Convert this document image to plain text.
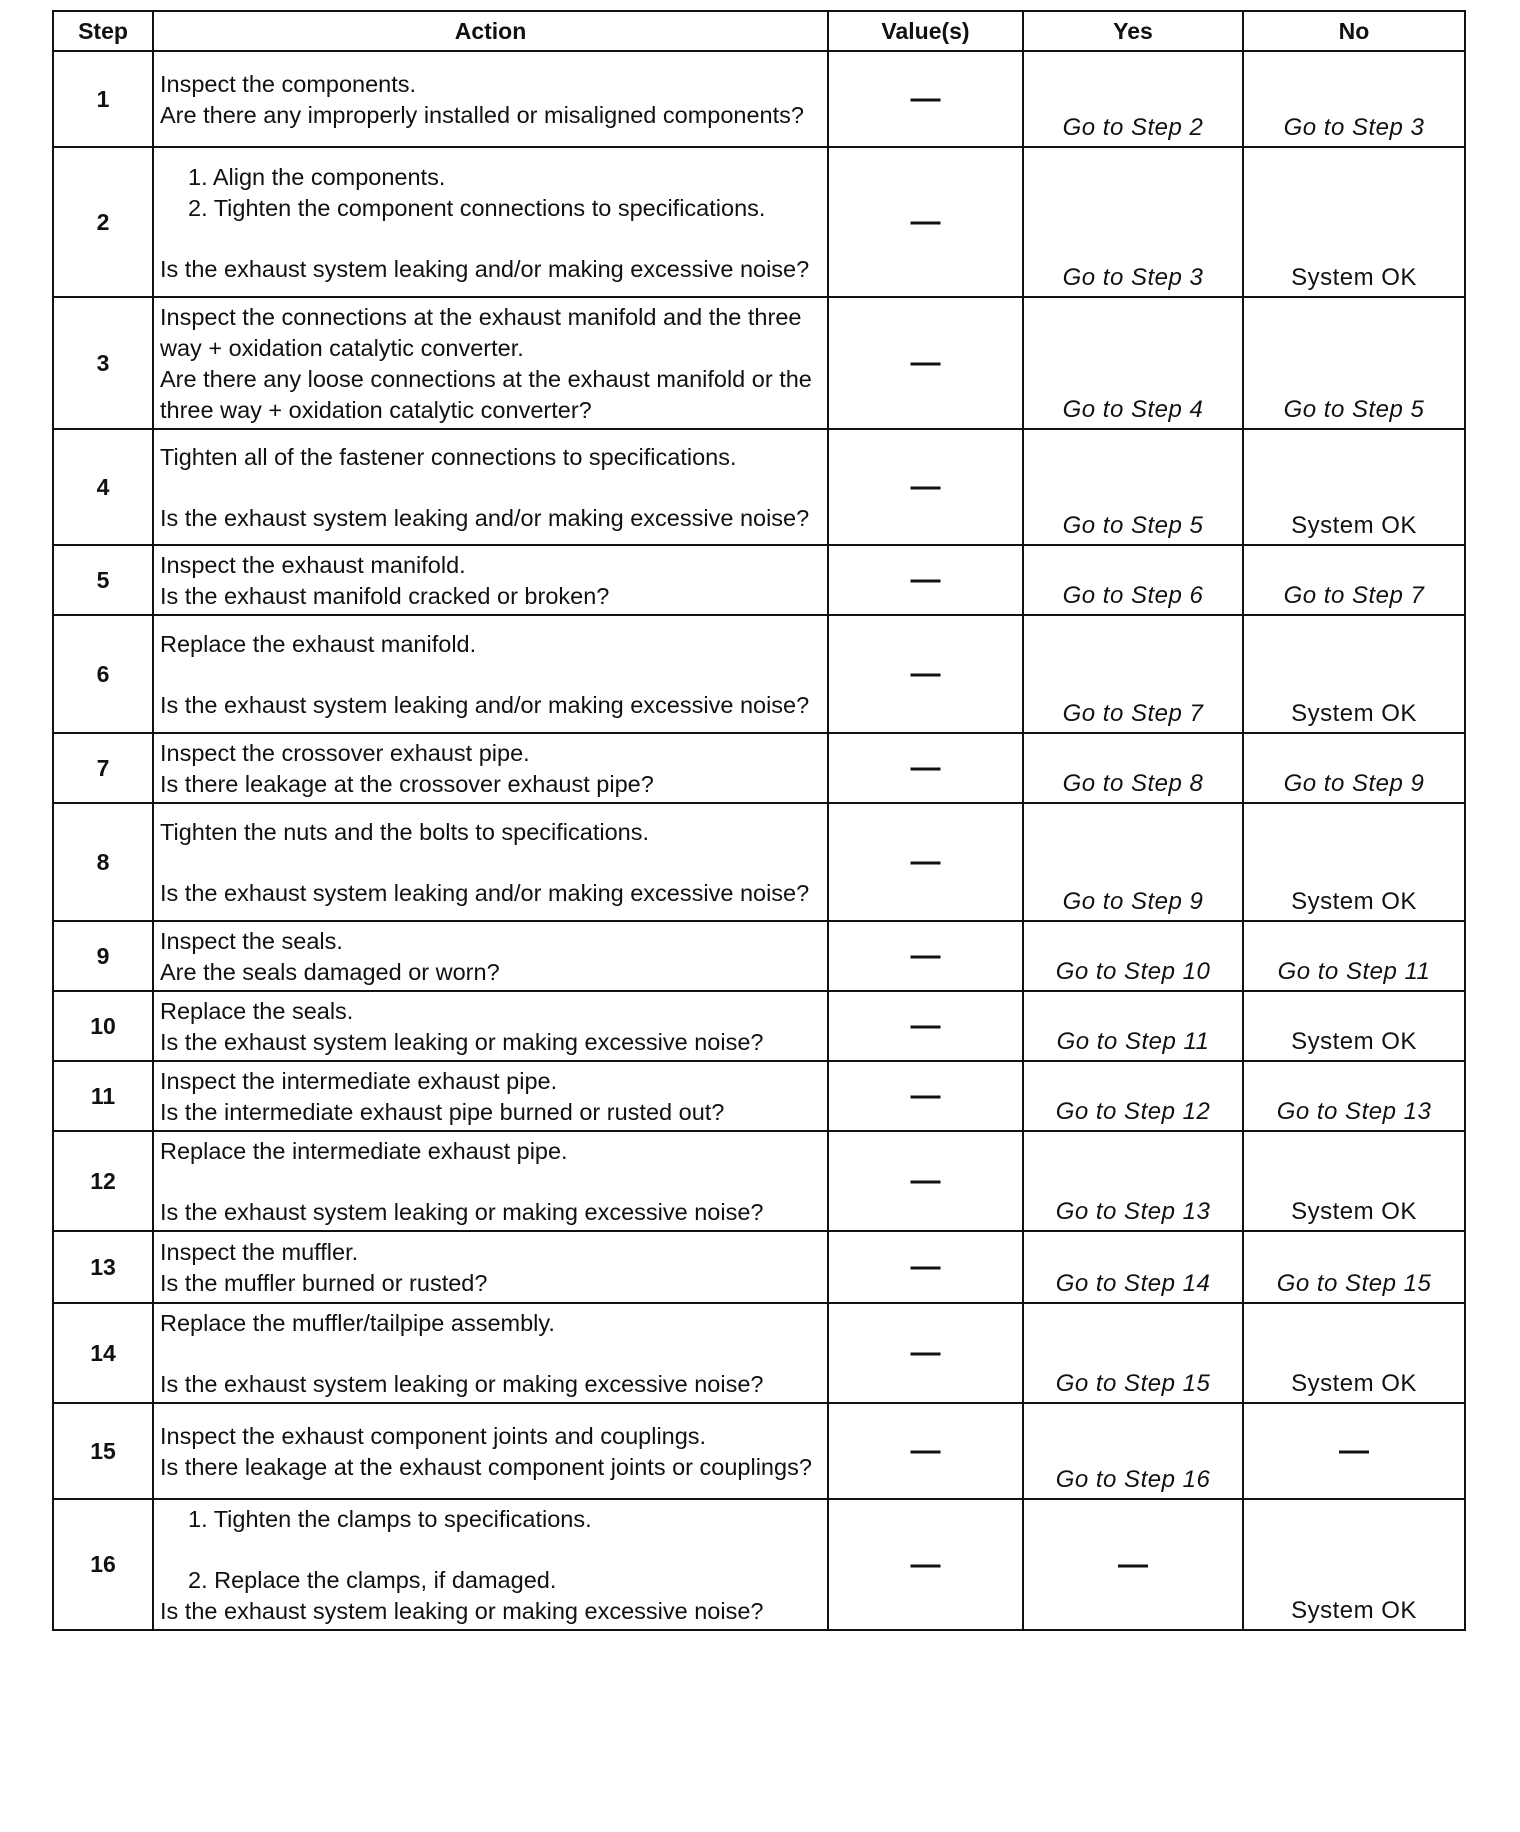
Step	Action	Value(s)	Yes	No
1	Inspect the components.
Are there any improperly installed or misaligned components?	—	Go to Step 2	Go to Step 3
2	1. Align the components.
2. Tighten the component connections to specifications.
Is the exhaust system leaking and/or making excessive noise?	—	Go to Step 3	System OK
3	Inspect the connections at the exhaust manifold and the three way + oxidation catalytic converter.
Are there any loose connections at the exhaust manifold or the three way + oxidation catalytic converter?	—	Go to Step 4	Go to Step 5
4	Tighten all of the fastener connections to specifications.
Is the exhaust system leaking and/or making excessive noise?	—	Go to Step 5	System OK
5	Inspect the exhaust manifold.
Is the exhaust manifold cracked or broken?	—	Go to Step 6	Go to Step 7
6	Replace the exhaust manifold.
Is the exhaust system leaking and/or making excessive noise?	—	Go to Step 7	System OK
7	Inspect the crossover exhaust pipe.
Is there leakage at the crossover exhaust pipe?	—	Go to Step 8	Go to Step 9
8	Tighten the nuts and the bolts to specifications.
Is the exhaust system leaking and/or making excessive noise?	—	Go to Step 9	System OK
9	Inspect the seals.
Are the seals damaged or worn?	—	Go to Step 10	Go to Step 11
10	Replace the seals.
Is the exhaust system leaking or making excessive noise?	—	Go to Step 11	System OK
11	Inspect the intermediate exhaust pipe.
Is the intermediate exhaust pipe burned or rusted out?	—	Go to Step 12	Go to Step 13
12	Replace the intermediate exhaust pipe.
Is the exhaust system leaking or making excessive noise?	—	Go to Step 13	System OK
13	Inspect the muffler.
Is the muffler burned or rusted?	—	Go to Step 14	Go to Step 15
14	Replace the muffler/tailpipe assembly.
Is the exhaust system leaking or making excessive noise?	—	Go to Step 15	System OK
15	Inspect the exhaust component joints and couplings.
Is there leakage at the exhaust component joints or couplings?	—	Go to Step 16	—
16	1. Tighten the clamps to specifications.
2. Replace the clamps, if damaged.
Is the exhaust system leaking or making excessive noise?	—	—	System OK
